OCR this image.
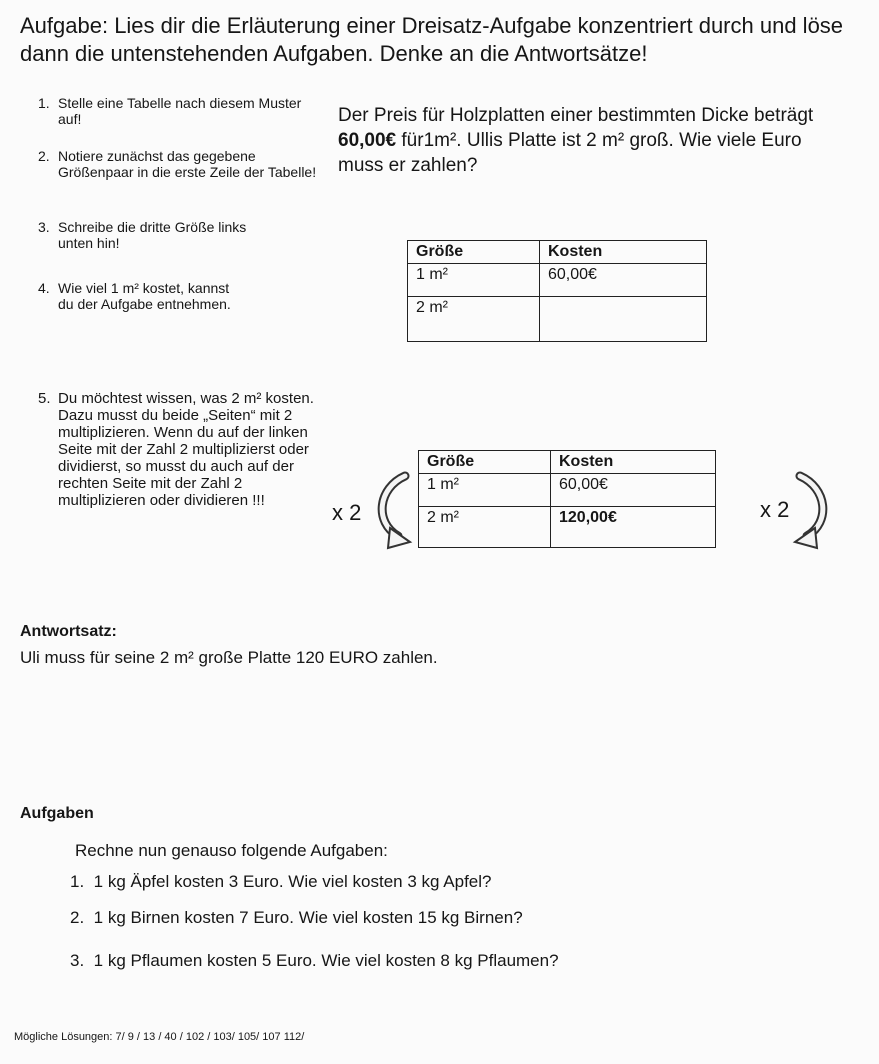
Aufgabe: Lies dir die Erläuterung einer Dreisatz-Aufgabe konzentriert durch und löse dann die untenstehenden Aufgaben. Denke an die Antwortsätze!
1. Stelle eine Tabelle nach diesem Muster auf!
2. Notiere zunächst das gegebene Größenpaar in die erste Zeile der Tabelle!
3. Schreibe die dritte Größe links unten hin!
4. Wie viel 1 m² kostet, kannst du der Aufgabe entnehmen.
5. Du möchtest wissen, was 2 m² kosten. Dazu musst du beide „Seiten“ mit 2 multiplizieren. Wenn du auf der linken Seite mit der Zahl 2 multiplizierst oder dividierst, so musst du auch auf der rechten Seite mit der Zahl 2 multiplizieren oder dividieren !!!
Der Preis für Holzplatten einer bestimmten Dicke beträgt 60,00€ für1m². Ullis Platte ist 2 m² groß. Wie viele Euro muss er zahlen?
Größe	Kosten
1 m²	60,00€
2 m²	
Größe	Kosten
1 m²	60,00€
2 m²	120,00€
x 2	x 2
Antwortsatz:
Uli muss für seine 2 m² große Platte 120 EURO zahlen.
Aufgaben
Rechne nun genauso folgende Aufgaben:
1. 1 kg Äpfel kosten 3 Euro. Wie viel kosten 3 kg Apfel?
2. 1 kg Birnen kosten 7 Euro. Wie viel kosten 15 kg Birnen?
3. 1 kg Pflaumen kosten 5 Euro. Wie viel kosten 8 kg Pflaumen?
Mögliche Lösungen: 7/ 9 / 13 / 40 / 102 / 103/ 105/ 107 112/
